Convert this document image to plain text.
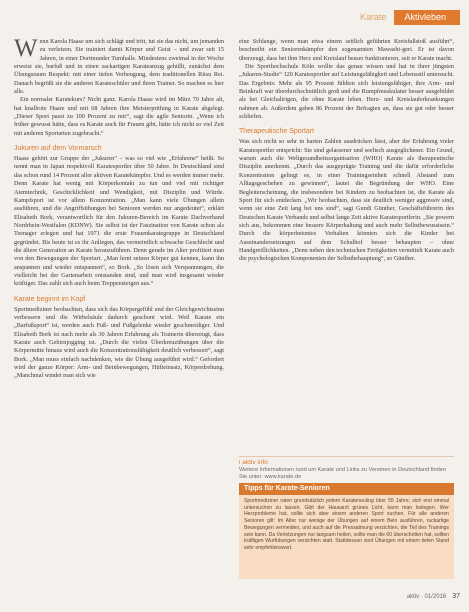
Karate	Aktivleben

Wenn Karola Haase um sich schlägt und tritt, tut sie das nicht, um jemanden zu verletzen. Sie trainiert damit Körper und Geist – und zwar seit 15 Jahren, in einer Dortmunder Turnhalle. Mindestens zweimal in der Woche erweist sie, barfuß und in einen sackartigen Karateanzug gehüllt, zunächst dem Übungsraum Respekt: mit einer tiefen Verbeugung, dem traditionellen Ritsu Rei. Danach begrüßt sie die anderen Karateschüler und ihren Trainer. So machen es hier alle.

Ein normaler Karatekurs? Nicht ganz. Karola Haase wird im März 70 Jahre alt, hat knallrote Haare und mit 68 Jahren ihre Meisterprüfung in Karate abgelegt. „Dieser Sport passt zu 100 Prozent zu mir“, sagt die agile Seniorin. „Wenn ich früher gewusst hätte, dass es Karate auch für Frauen gibt, hätte ich nicht so viel Zeit mit anderen Sportarten zugebracht.“

Jukuren auf dem Vormarsch

Haase gehört zur Gruppe der „Jukuren“ – was so viel wie „Erfahrene“ heißt. So nennt man in Japan respektvoll Karatesportler über 50 Jahre. In Deutschland sind das schon rund 14 Prozent aller aktiven Karatekämpfer. Und es werden immer mehr. Denn Karate hat wenig mit Körperkontakt zu tun und viel mit richtiger Atemtechnik, Geschicklichkeit und Wendigkeit, mit Disziplin und Würde. Kampfsport ist vor allem Konzentration. „Man kann viele Übungen allein ausführen, und die Angriffsübungen bei Senioren werden nur angedeutet“, erklärt Elisabeth Bork, verantwortlich für den Jukuren-Bereich im Karate Dachverband Nordrhein-Westfalen (KDNW). Sie selbst ist der Faszination von Karate schon als Teenager erlegen und hat 1971 die erste Frauenkarategruppe in Deutschland gegründet. Bis heute ist es ihr Anliegen, das vermeintlich schwache Geschlecht und die ältere Generation an Karate heranzuführen. Denn gerade im Alter profitiert man von den Bewegungen der Sportart. „Man lernt seinen Körper gut kennen, kann ihn anspannen und wieder entspannen“, so Bork. „So lösen sich Verspannungen, die vielleicht bei der Gartenarbeit entstanden sind, und man wird insgesamt wieder kräftiger. Das zahlt sich auch beim Treppensteigen aus.“

Karate beginnt im Kopf

Sportmediziner beobachten, dass sich das Körpergefühl und der Gleichgewichtssinn verbessern und die Wirbelsäule dadurch geschont wird. Weil Karate ein „Barfußsport“ ist, werden auch Fuß- und Fußgelenke wieder geschmeidiger. Und Elisabeth Bork ist nach mehr als 30 Jahren Erfahrung als Trainerin überzeugt, dass Karate auch Gehirnjogging ist. „Durch die vielen Überkreuzübungen über die Körpermitte hinaus wird auch die Konzentrationsfähigkeit deutlich verbessert“, sagt Bork. „Man muss einfach nachdenken, wie die Übung ausgeführt wird.“ Gefordert wird der ganze Körper: Arm- und Beinbewegungen, Hüfteinsatz, Körperdrehung. „Manchmal windet man sich wie

eine Schlange, wenn man etwa einem seitlich geführten Kreisfußstoß ausführt“, beschreibt ein Seniorenkämpfer den sogenannten Mawashi-geri. Er ist davon überzeugt, dass bei ihm Herz und Kreislauf besser funktionieren, seit er Karate macht.

Die Sporthochschule Köln wollte das genau wissen und hat in ihrer jüngsten „Jukuren-Studie“ 120 Karatesportler auf Leistungsfähigkeit und Lebensstil untersucht. Das Ergebnis: Mehr als 95 Prozent fühlten sich leistungsfähiger, ihre Arm- und Beinkraft war überdurchschnittlich groß und die Rumpfmuskulatur besser ausgebildet als bei Gleichaltrigen, die ohne Karate leben. Herz- und Kreislauferkrankungen nahmen ab. Außerdem gaben 86 Prozent der Befragten an, dass sie gut oder besser schliefen.

Therapeutische Sportart

Was sich nicht so sehr in harten Zahlen ausdrücken lässt, aber der Erfahrung vieler Karatesportler entspricht: Sie sind gelassener und seelisch ausgeglichener. Ein Grund, warum auch die Weltgesundheitsorganisation (WHO) Karate als therapeutische Disziplin anerkennt. „Durch das ausgeprägte Training und die dafür erforderliche Konzentration gelingt es, in einer Trainingseinheit schnell Abstand zum Alltagsgeschehen zu gewinnen“, lautet die Begründung der WHO. Eine Begleiterscheinung, die insbesondere bei Kindern zu beobachten ist, die Karate als Sport für sich entdecken. „Wir beobachten, dass sie deutlich weniger aggressiv sind, wenn sie eine Zeit lang bei uns sind“, sagt Gundi Günther, Geschäftsführerin des Deutschen Karate Verbands und selbst lange Zeit aktive Karatesportlerin. „Sie powern sich aus, bekommen eine bessere Körperhaltung und auch mehr Selbstbewusstsein.“ Durch die körperbetontes Verhalten könnten sich die Kinder bei Auseinandersetzungen auf dem Schulhof besser behaupten – ohne Handgreiflichkeiten. „Denn neben den technischen Fertigkeiten vermittelt Karate auch die psychologischen Komponenten der Selbstbehauptung“, so Günther.

i aktiv info
Weitere Informationen rund um Karate und Links zu Vereinen in Deutschland finden Sie unter: www.karate.de
Tipps für Karate-Senioren
Sportmediziner raten grundsätzlich jedem Karateneuling über 55 Jahre, sich erst einmal untersuchen zu lassen. Gibt der Hausarzt grünes Licht, kann man loslegen. Wer Herzprobleme hat, sollte sich aber einem anderen Sport suchen. Für alle anderen Senioren gilt: Im Alter nur wenige der Übungen auf einem Bein ausführen, ruckartige Bewegungen vermeiden, und auch auf die Pressatmung verzichten, die Teil des Trainings sein kann. Da Verletzungen nur langsam heilen, sollte man die 60 überschritten hat, sollten kräftigen Wurfübungen verzichten statt. Stattdessen sind Übungen mit einem tiefen Stand sehr empfehlenswert.
aktiv · 01/2016 37
